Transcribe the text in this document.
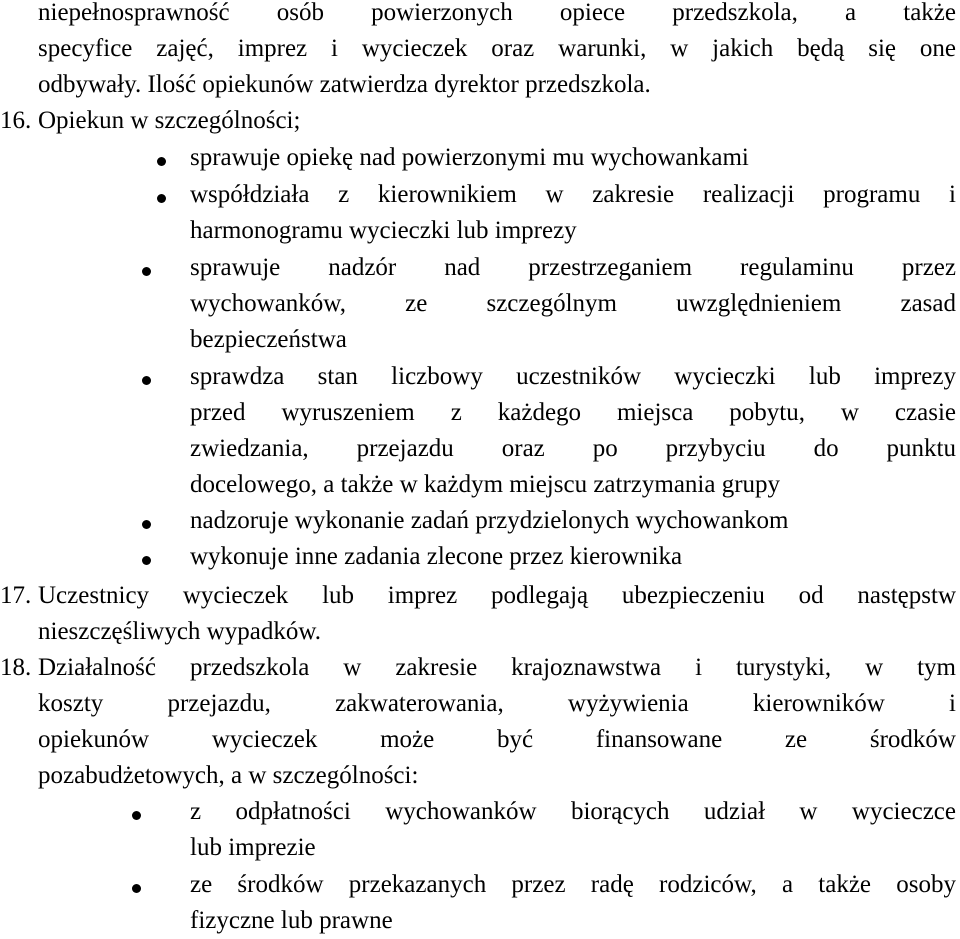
niepełnosprawność osób powierzonych opiece przedszkola, a także
specyfice zajęć, imprez i wycieczek oraz warunki, w jakich będą się one
odbywały. Ilość opiekunów zatwierdza dyrektor przedszkola.
16. Opiekun w szczególności;
sprawuje opiekę nad powierzonymi mu wychowankami
współdziała z kierownikiem w zakresie realizacji programu i
harmonogramu wycieczki lub imprezy
sprawuje nadzór nad przestrzeganiem regulaminu przez
wychowanków, ze szczególnym uwzględnieniem zasad
bezpieczeństwa
sprawdza stan liczbowy uczestników wycieczki lub imprezy
przed wyruszeniem z każdego miejsca pobytu, w czasie
zwiedzania, przejazdu oraz po przybyciu do punktu
docelowego, a także w każdym miejscu zatrzymania grupy
nadzoruje wykonanie zadań przydzielonych wychowankom
wykonuje inne zadania zlecone przez kierownika
17. Uczestnicy wycieczek lub imprez podlegają ubezpieczeniu od następstw
nieszczęśliwych wypadków.
18. Działalność przedszkola w zakresie krajoznawstwa i turystyki, w tym
koszty przejazdu, zakwaterowania, wyżywienia kierowników i
opiekunów wycieczek może być finansowane ze środków
pozabudżetowych, a w szczególności:
z odpłatności wychowanków biorących udział w wycieczce
lub imprezie
ze środków przekazanych przez radę rodziców, a także osoby
fizyczne lub prawne
